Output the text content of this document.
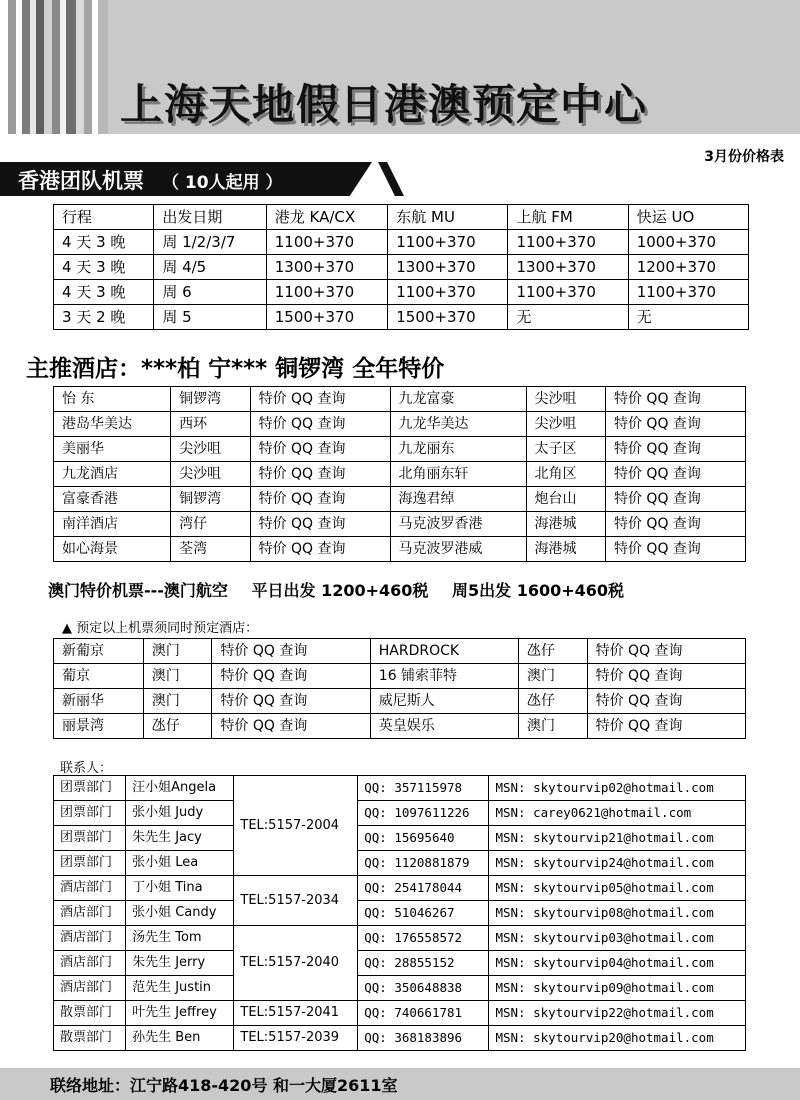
上海天地假日港澳预定中心
3月份价格表
香港团队机票 （ 10人起用 ）
行程	出发日期	港龙 KA/CX	东航 MU	上航 FM	快运 UO
4 天 3 晚	周 1/2/3/7	1100+370	1100+370	1100+370	1000+370
4 天 3 晚	周 4/5	1300+370	1300+370	1300+370	1200+370
4 天 3 晚	周 6	1100+370	1100+370	1100+370	1100+370
3 天 2 晚	周 5	1500+370	1500+370	无	无
主推酒店：***柏 宁*** 铜锣湾 全年特价
怡 东	铜锣湾	特价 QQ 查询	九龙富豪	尖沙咀	特价 QQ 查询
港岛华美达	西环	特价 QQ 查询	九龙华美达	尖沙咀	特价 QQ 查询
美丽华	尖沙咀	特价 QQ 查询	九龙丽东	太子区	特价 QQ 查询
九龙酒店	尖沙咀	特价 QQ 查询	北角丽东轩	北角区	特价 QQ 查询
富豪香港	铜锣湾	特价 QQ 查询	海逸君绰	炮台山	特价 QQ 查询
南洋酒店	湾仔	特价 QQ 查询	马克波罗香港	海港城	特价 QQ 查询
如心海景	荃湾	特价 QQ 查询	马克波罗港威	海港城	特价 QQ 查询
澳门特价机票---澳门航空 平日出发 1200+460税 周5出发 1600+460税
▲ 预定以上机票须同时预定酒店：
新葡京	澳门	特价 QQ 查询	HARDROCK	氹仔	特价 QQ 查询
葡京	澳门	特价 QQ 查询	16 铺索菲特	澳门	特价 QQ 查询
新丽华	澳门	特价 QQ 查询	威尼斯人	氹仔	特价 QQ 查询
丽景湾	氹仔	特价 QQ 查询	英皇娱乐	澳门	特价 QQ 查询
联系人：
团票部门	汪小姐Angela	TEL:5157-2004	QQ: 357115978	MSN: skytourvip02@hotmail.com
团票部门	张小姐 Judy		QQ: 1097611226	MSN: carey0621@hotmail.com
团票部门	朱先生 Jacy		QQ: 15695640	MSN: skytourvip21@hotmail.com
团票部门	张小姐 Lea		QQ: 1120881879	MSN: skytourvip24@hotmail.com
酒店部门	丁小姐 Tina	TEL:5157-2034	QQ: 254178044	MSN: skytourvip05@hotmail.com
酒店部门	张小姐 Candy		QQ: 51046267	MSN: skytourvip08@hotmail.com
酒店部门	汤先生 Tom	TEL:5157-2040	QQ: 176558572	MSN: skytourvip03@hotmail.com
酒店部门	朱先生 Jerry		QQ: 28855152	MSN: skytourvip04@hotmail.com
酒店部门	范先生 Justin		QQ: 350648838	MSN: skytourvip09@hotmail.com
散票部门	叶先生 Jeffrey	TEL:5157-2041	QQ: 740661781	MSN: skytourvip22@hotmail.com
散票部门	孙先生 Ben	TEL:5157-2039	QQ: 368183896	MSN: skytourvip20@hotmail.com
联络地址：江宁路418-420号 和一大厦2611室
